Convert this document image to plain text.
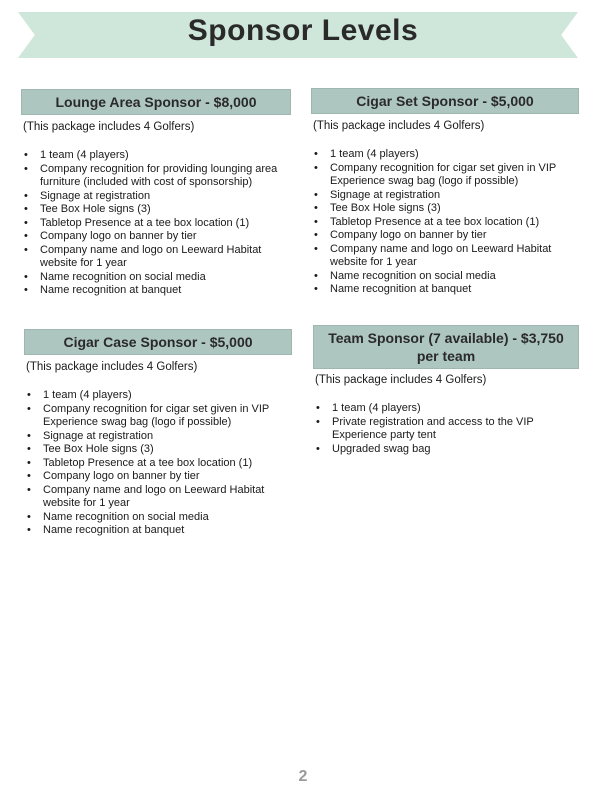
Sponsor Levels
Lounge Area Sponsor - $8,000
(This package includes 4 Golfers)
• 1 team (4 players)
• Company recognition for providing lounging area furniture (included with cost of sponsorship)
• Signage at registration
• Tee Box Hole signs (3)
• Tabletop Presence at a tee box location (1)
• Company logo on banner by tier
• Company name and logo on Leeward Habitat website for 1 year
• Name recognition on social media
• Name recognition at banquet
Cigar Set Sponsor - $5,000
(This package includes 4 Golfers)
• 1 team (4 players)
• Company recognition for cigar set given in VIP Experience swag bag (logo if possible)
• Signage at registration
• Tee Box Hole signs (3)
• Tabletop Presence at a tee box location (1)
• Company logo on banner by tier
• Company name and logo on Leeward Habitat website for 1 year
• Name recognition on social media
• Name recognition at banquet
Cigar Case Sponsor - $5,000
(This package includes 4 Golfers)
• 1 team (4 players)
• Company recognition for cigar set given in VIP Experience swag bag (logo if possible)
• Signage at registration
• Tee Box Hole signs (3)
• Tabletop Presence at a tee box location (1)
• Company logo on banner by tier
• Company name and logo on Leeward Habitat website for 1 year
• Name recognition on social media
• Name recognition at banquet
Team Sponsor (7 available) - $3,750 per team
(This package includes 4 Golfers)
• 1 team (4 players)
• Private registration and access to the VIP Experience party tent
• Upgraded swag bag
2
